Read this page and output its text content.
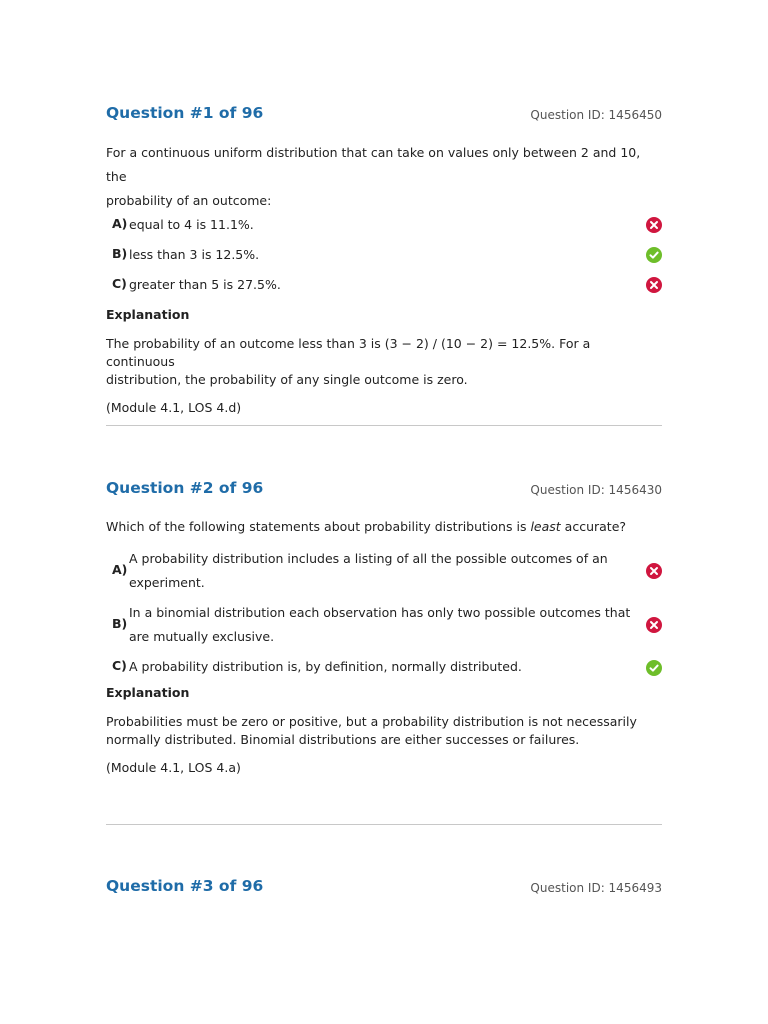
Question #1 of 96	Question ID: 1456450
For a continuous uniform distribution that can take on values only between 2 and 10, the
probability of an outcome:
A) equal to 4 is 11.1%.
B) less than 3 is 12.5%.
C) greater than 5 is 27.5%.
Explanation
The probability of an outcome less than 3 is (3 − 2) / (10 − 2) = 12.5%. For a continuous
distribution, the probability of any single outcome is zero.
(Module 4.1, LOS 4.d)
Question #2 of 96	Question ID: 1456430
Which of the following statements about probability distributions is least accurate?
A)
A probability distribution includes a listing of all the possible outcomes of an
experiment.
B)
In a binomial distribution each observation has only two possible outcomes that
are mutually exclusive.
C) A probability distribution is, by definition, normally distributed.
Explanation
Probabilities must be zero or positive, but a probability distribution is not necessarily
normally distributed. Binomial distributions are either successes or failures.
(Module 4.1, LOS 4.a)
Question #3 of 96	Question ID: 1456493
